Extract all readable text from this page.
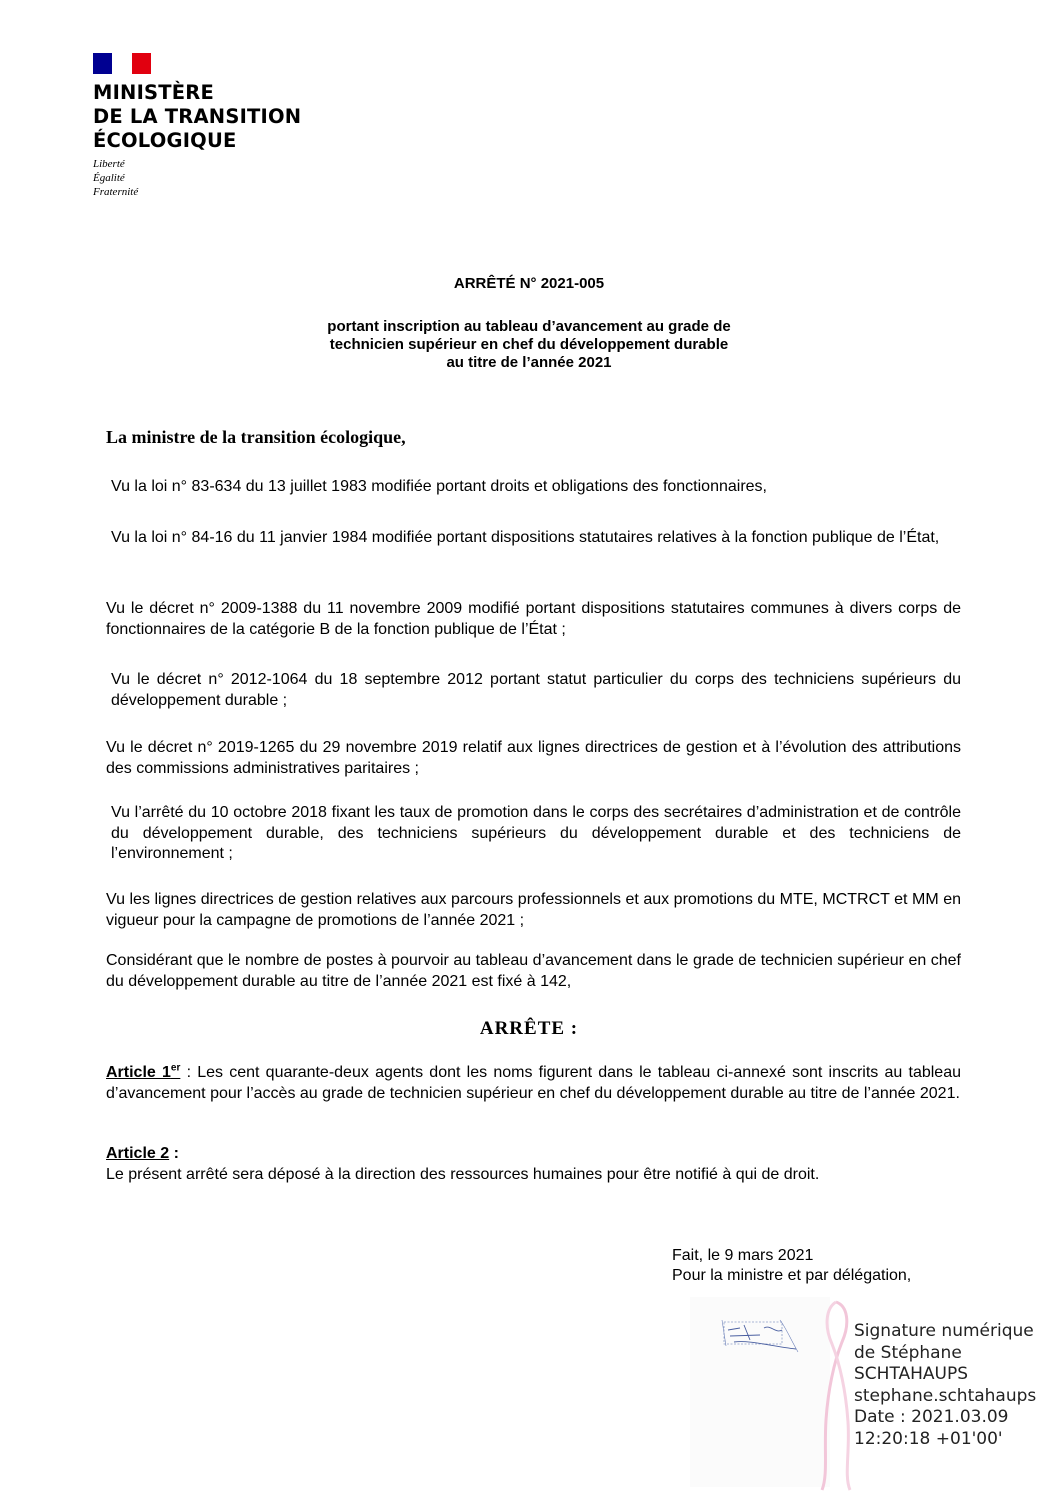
MINISTÈRE
DE LA TRANSITION
ÉCOLOGIQUE
Liberté
Égalité
Fraternité
ARRÊTÉ N° 2021-005
portant inscription au tableau d’avancement au grade de
technicien supérieur en chef du développement durable
au titre de l’année 2021
La ministre de la transition écologique,
Vu la loi n° 83-634 du 13 juillet 1983 modifiée portant droits et obligations des fonctionnaires,
Vu la loi n° 84-16 du 11 janvier 1984 modifiée portant dispositions statutaires relatives à la fonction publique de l’État,
Vu le décret n° 2009-1388 du 11 novembre 2009 modifié portant dispositions statutaires communes à divers corps de fonctionnaires de la catégorie B de la fonction publique de l’État ;
Vu le décret n° 2012-1064 du 18 septembre 2012 portant statut particulier du corps des techniciens supérieurs du développement durable ;
Vu le décret n° 2019-1265 du 29 novembre 2019 relatif aux lignes directrices de gestion et à l’évolution des attributions des commissions administratives paritaires ;
Vu l’arrêté du 10 octobre 2018 fixant les taux de promotion dans le corps des secrétaires d’administration et de contrôle du développement durable, des techniciens supérieurs du développement durable et des techniciens de l’environnement ;
Vu les lignes directrices de gestion relatives aux parcours professionnels et aux promotions du MTE, MCTRCT et MM en vigueur pour la campagne de promotions de l’année 2021 ;
Considérant que le nombre de postes à pourvoir au tableau d’avancement dans le grade de technicien supérieur en chef du développement durable au titre de l’année 2021 est fixé à 142,
ARRÊTE :
Article 1er : Les cent quarante-deux agents dont les noms figurent dans le tableau ci-annexé sont inscrits au tableau d’avancement pour l’accès au grade de technicien supérieur en chef du développement durable au titre de l’année 2021.
Article 2 :
Le présent arrêté sera déposé à la direction des ressources humaines pour être notifié à qui de droit.
Fait, le 9 mars 2021
Pour la ministre et par délégation,
Signature numérique
de Stéphane
SCHTAHAUPS
stephane.schtahaups
Date : 2021.03.09
12:20:18 +01'00'
